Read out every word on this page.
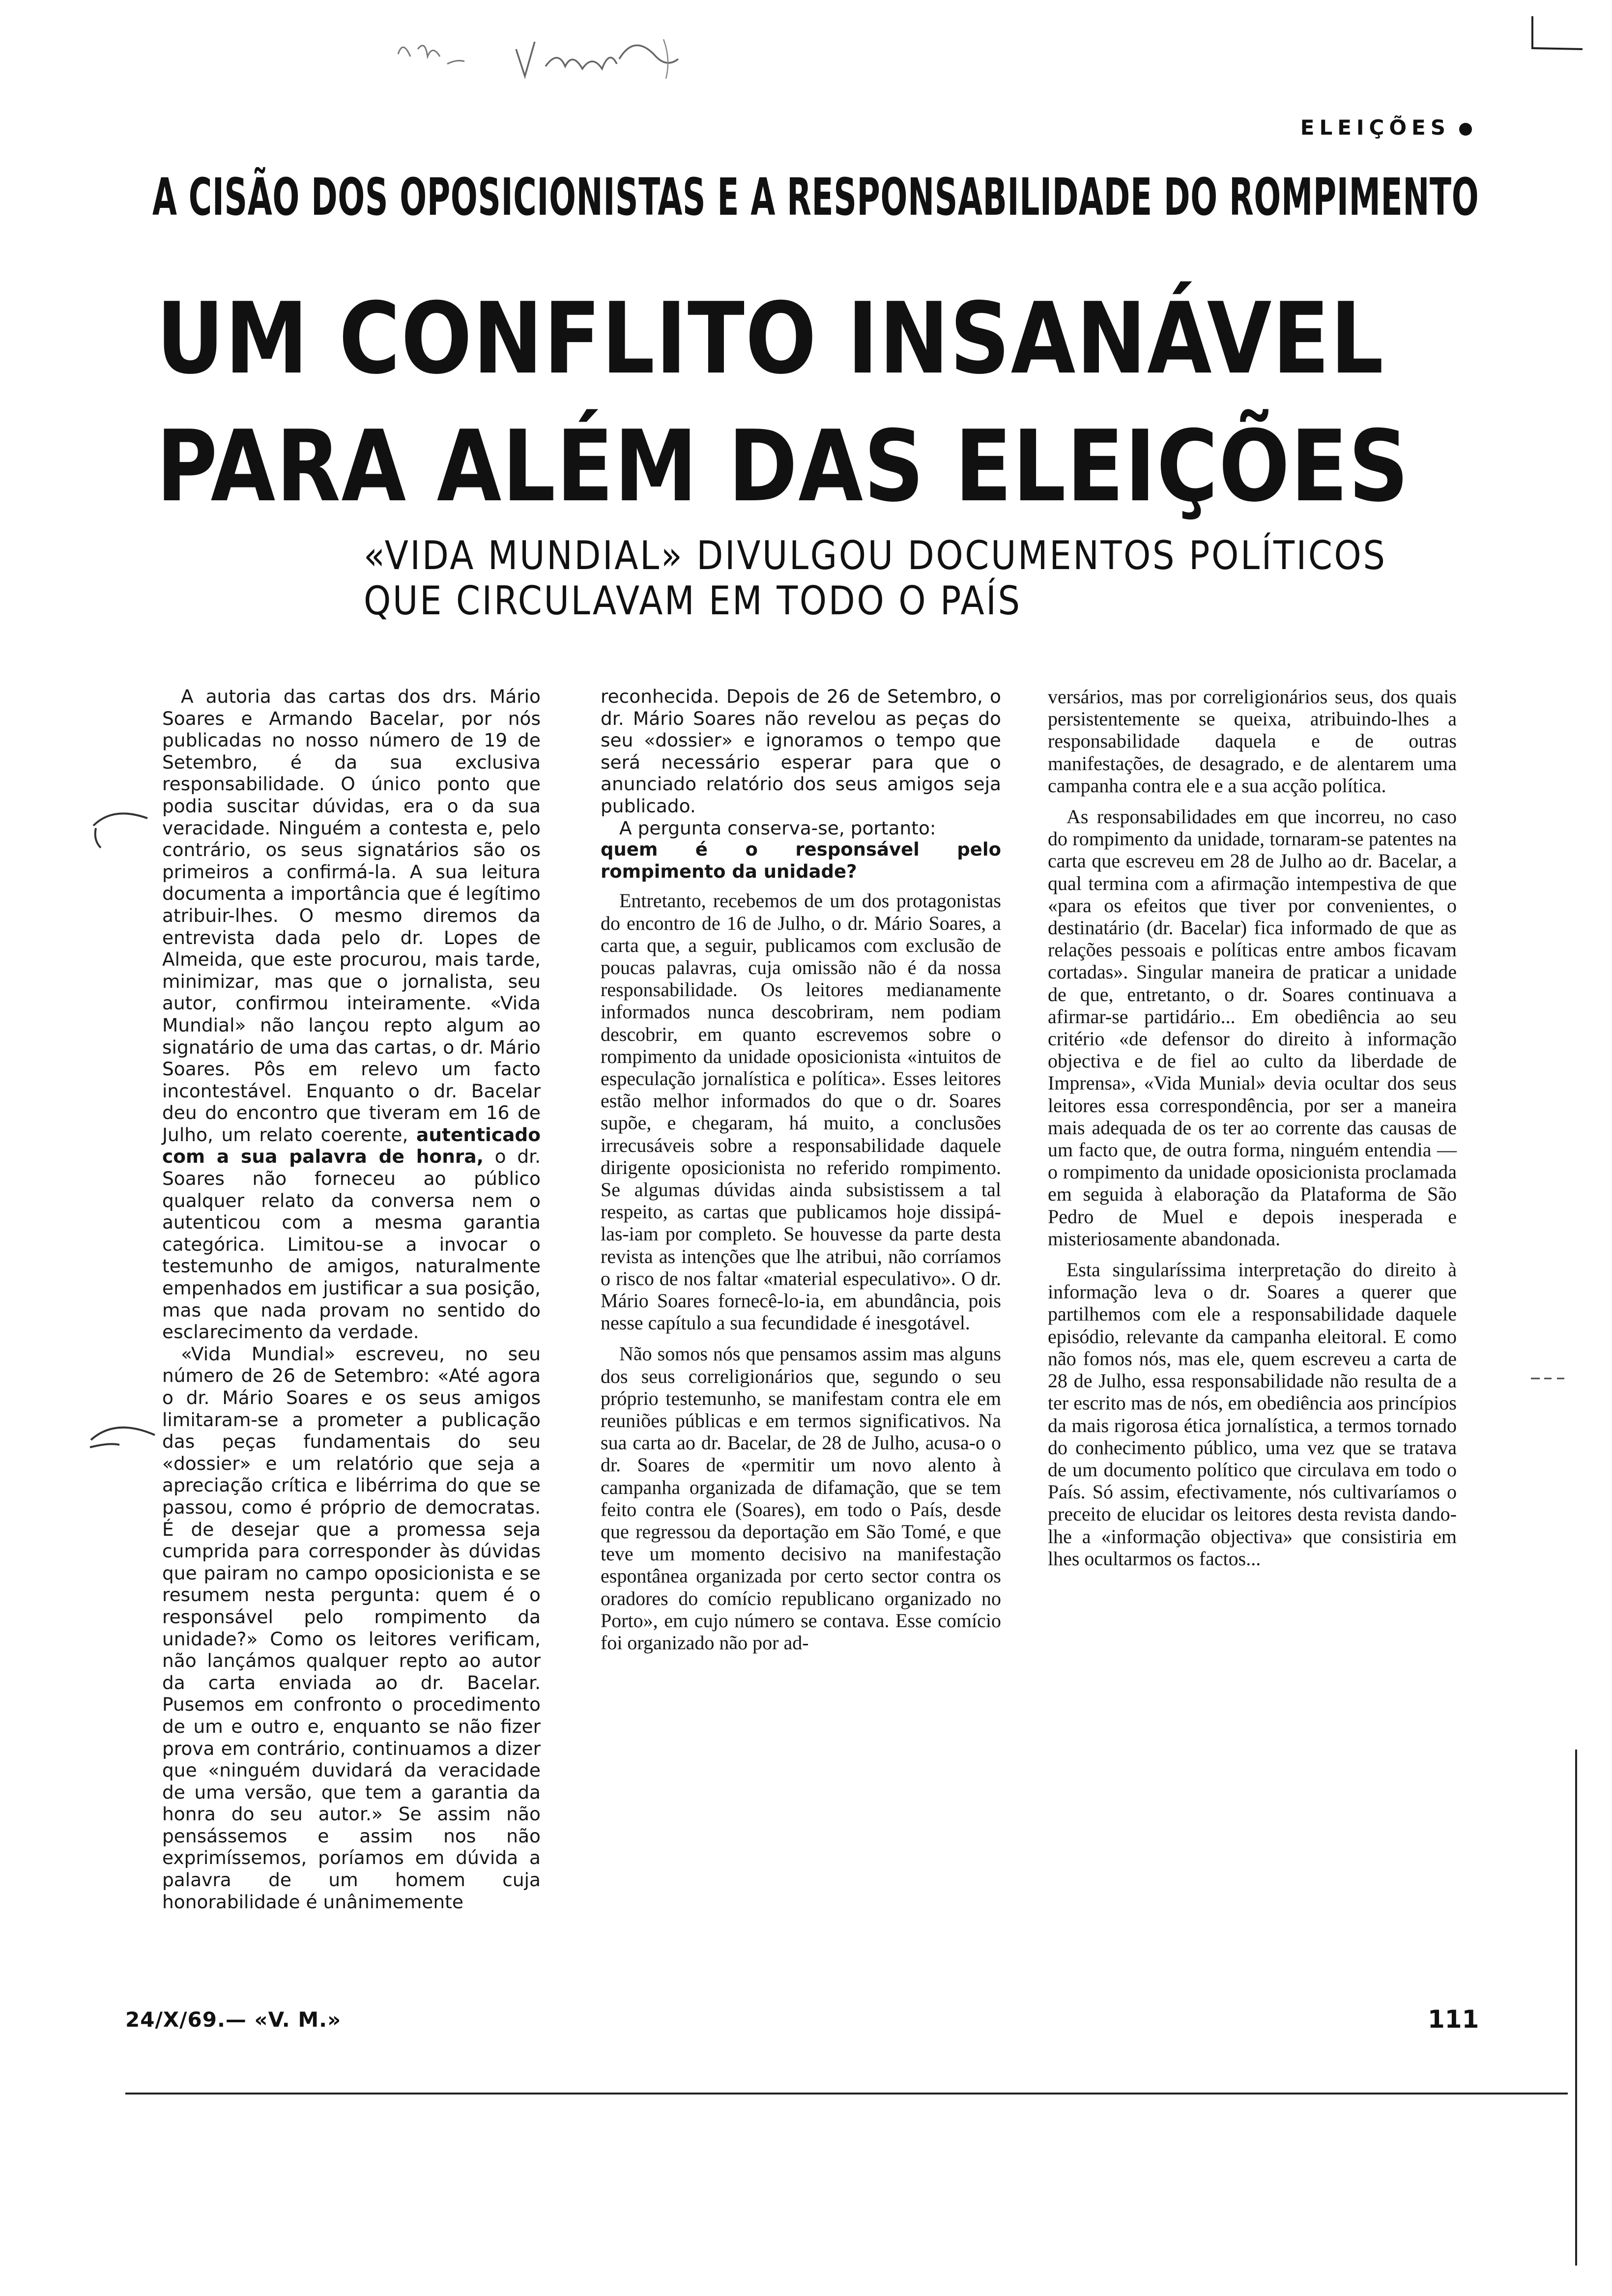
ELEIÇÕES
A CISÃO DOS OPOSICIONISTAS E A RESPONSABILIDADE DO ROMPIMENTO
UM CONFLITO INSANÁVEL
PARA ALÉM DAS ELEIÇÕES
«VIDA MUNDIAL» DIVULGOU DOCUMENTOS POLÍTICOS
QUE CIRCULAVAM EM TODO O PAÍS

A autoria das cartas dos drs. Mário Soares e Armando Bacelar, por nós publicadas no nosso número de 19 de Setembro, é da sua exclusiva responsabilidade. O único ponto que podia suscitar dúvidas, era o da sua veracidade. Ninguém a contesta e, pelo contrário, os seus signatários são os primeiros a confirmá-la. A sua leitura documenta a importância que é legítimo atribuir-lhes. O mesmo diremos da entrevista dada pelo dr. Lopes de Almeida, que este procurou, mais tarde, minimizar, mas que o jornalista, seu autor, confirmou inteiramente. «Vida Mundial» não lançou repto algum ao signatário de uma das cartas, o dr. Mário Soares. Pôs em relevo um facto incontestável. Enquanto o dr. Bacelar deu do encontro que tiveram em 16 de Julho, um relato coerente, autenticado com a sua palavra de honra, o dr. Soares não forneceu ao público qualquer relato da conversa nem o autenticou com a mesma garantia categórica. Limitou-se a invocar o testemunho de amigos, naturalmente empenhados em justificar a sua posição, mas que nada provam no sentido do esclarecimento da verdade.

«Vida Mundial» escreveu, no seu número de 26 de Setembro: «Até agora o dr. Mário Soares e os seus amigos limitaram-se a prometer a publicação das peças fundamentais do seu «dossier» e um relatório que seja a apreciação crítica e libérrima do que se passou, como é próprio de democratas. É de desejar que a promessa seja cumprida para corresponder às dúvidas que pairam no campo oposicionista e se resumem nesta pergunta: quem é o responsável pelo rompimento da unidade?» Como os leitores verificam, não lançámos qualquer repto ao autor da carta enviada ao dr. Bacelar. Pusemos em confronto o procedimento de um e outro e, enquanto se não fizer prova em contrário, continuamos a dizer que «ninguém duvidará da veracidade de uma versão, que tem a garantia da honra do seu autor.» Se assim não pensássemos e assim nos não exprimíssemos, poríamos em dúvida a palavra de um homem cuja honorabilidade é unânimemente

reconhecida. Depois de 26 de Setembro, o dr. Mário Soares não revelou as peças do seu «dossier» e ignoramos o tempo que será necessário esperar para que o anunciado relatório dos seus amigos seja publicado.

A pergunta conserva-se, portanto:
quem é o responsável pelo rompimento da unidade?

Entretanto, recebemos de um dos protagonistas do encontro de 16 de Julho, o dr. Mário Soares, a carta que, a seguir, publicamos com exclusão de poucas palavras, cuja omissão não é da nossa responsabilidade. Os leitores medianamente informados nunca descobriram, nem podiam descobrir, em quanto escrevemos sobre o rompimento da unidade oposicionista «intuitos de especulação jornalística e política». Esses leitores estão melhor informados do que o dr. Soares supõe, e chegaram, há muito, a conclusões irrecusáveis sobre a responsabilidade daquele dirigente oposicionista no referido rompimento. Se algumas dúvidas ainda subsistissem a tal respeito, as cartas que publicamos hoje dissipá-las-iam por completo. Se houvesse da parte desta revista as intenções que lhe atribui, não corríamos o risco de nos faltar «material especulativo». O dr. Mário Soares fornecê-lo-ia, em abundância, pois nesse capítulo a sua fecundidade é inesgotável.

Não somos nós que pensamos assim mas alguns dos seus correligionários que, segundo o seu próprio testemunho, se manifestam contra ele em reuniões públicas e em termos significativos. Na sua carta ao dr. Bacelar, de 28 de Julho, acusa-o o dr. Soares de «permitir um novo alento à campanha organizada de difamação, que se tem feito contra ele (Soares), em todo o País, desde que regressou da deportação em São Tomé, e que teve um momento decisivo na manifestação espontânea organizada por certo sector contra os oradores do comício republicano organizado no Porto», em cujo número se contava. Esse comício foi organizado não por ad-

versários, mas por correligionários seus, dos quais persistentemente se queixa, atribuindo-lhes a responsabilidade daquela e de outras manifestações, de desagrado, e de alentarem uma campanha contra ele e a sua acção política.

As responsabilidades em que incorreu, no caso do rompimento da unidade, tornaram-se patentes na carta que escreveu em 28 de Julho ao dr. Bacelar, a qual termina com a afirmação intempestiva de que «para os efeitos que tiver por convenientes, o destinatário (dr. Bacelar) fica informado de que as relações pessoais e políticas entre ambos ficavam cortadas». Singular maneira de praticar a unidade de que, entretanto, o dr. Soares continuava a afirmar-se partidário... Em obediência ao seu critério «de defensor do direito à informação objectiva e de fiel ao culto da liberdade de Imprensa», «Vida Munial» devia ocultar dos seus leitores essa correspondência, por ser a maneira mais adequada de os ter ao corrente das causas de um facto que, de outra forma, ninguém entendia — o rompimento da unidade oposicionista proclamada em seguida à elaboração da Plataforma de São Pedro de Muel e depois inesperada e misteriosamente abandonada.

Esta singularíssima interpretação do direito à informação leva o dr. Soares a querer que partilhemos com ele a responsabilidade daquele episódio, relevante da campanha eleitoral. E como não fomos nós, mas ele, quem escreveu a carta de 28 de Julho, essa responsabilidade não resulta de a ter escrito mas de nós, em obediência aos princípios da mais rigorosa ética jornalística, a termos tornado do conhecimento público, uma vez que se tratava de um documento político que circulava em todo o País. Só assim, efectivamente, nós cultivaríamos o preceito de elucidar os leitores desta revista dando-lhe a «informação objectiva» que consistiria em lhes ocultarmos os factos...

24/X/69.— «V. M.»	111
